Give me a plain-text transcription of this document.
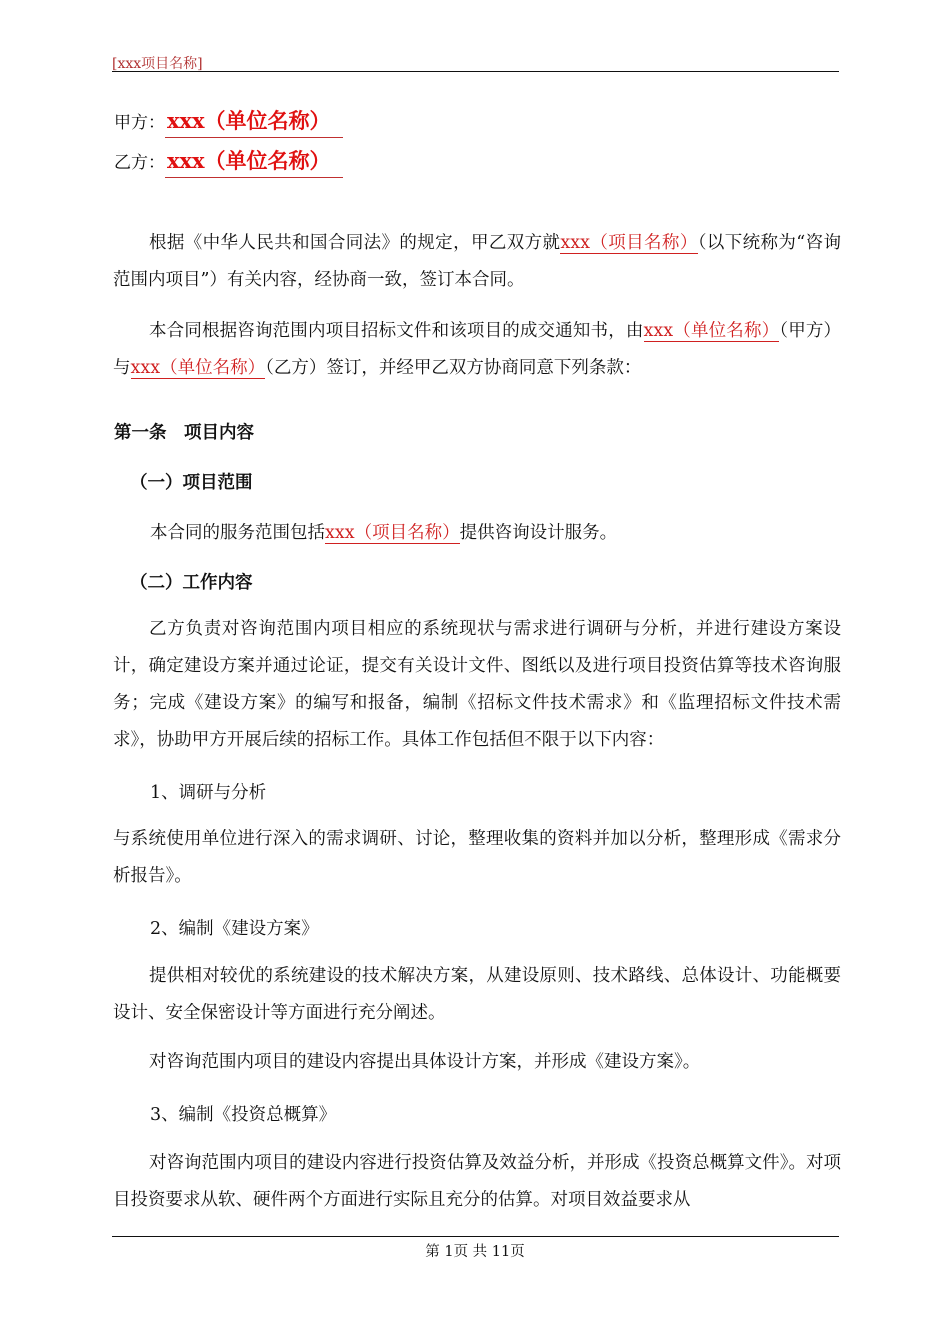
[xxx项目名称]
甲方：xxx（单位名称）
乙方：xxx（单位名称）
根据《中华人民共和国合同法》的规定，甲乙双方就xxx（项目名称）（以下统称为“咨询范围内项目”）有关内容，经协商一致，签订本合同。
本合同根据咨询范围内项目招标文件和该项目的成交通知书，由xxx（单位名称）（甲方）与xxx（单位名称）（乙方）签订，并经甲乙双方协商同意下列条款：
第一条　项目内容
（一）项目范围
本合同的服务范围包括xxx（项目名称）提供咨询设计服务。
（二）工作内容
乙方负责对咨询范围内项目相应的系统现状与需求进行调研与分析，并进行建设方案设计，确定建设方案并通过论证，提交有关设计文件、图纸以及进行项目投资估算等技术咨询服务；完成《建设方案》的编写和报备，编制《招标文件技术需求》和《监理招标文件技术需求》，协助甲方开展后续的招标工作。具体工作包括但不限于以下内容：
1、调研与分析
与系统使用单位进行深入的需求调研、讨论，整理收集的资料并加以分析，整理形成《需求分析报告》。
2、编制《建设方案》
提供相对较优的系统建设的技术解决方案，从建设原则、技术路线、总体设计、功能概要设计、安全保密设计等方面进行充分阐述。
对咨询范围内项目的建设内容提出具体设计方案，并形成《建设方案》。
3、编制《投资总概算》
对咨询范围内项目的建设内容进行投资估算及效益分析，并形成《投资总概算文件》。对项目投资要求从软、硬件两个方面进行实际且充分的估算。对项目效益要求从
第 1页 共 11页
